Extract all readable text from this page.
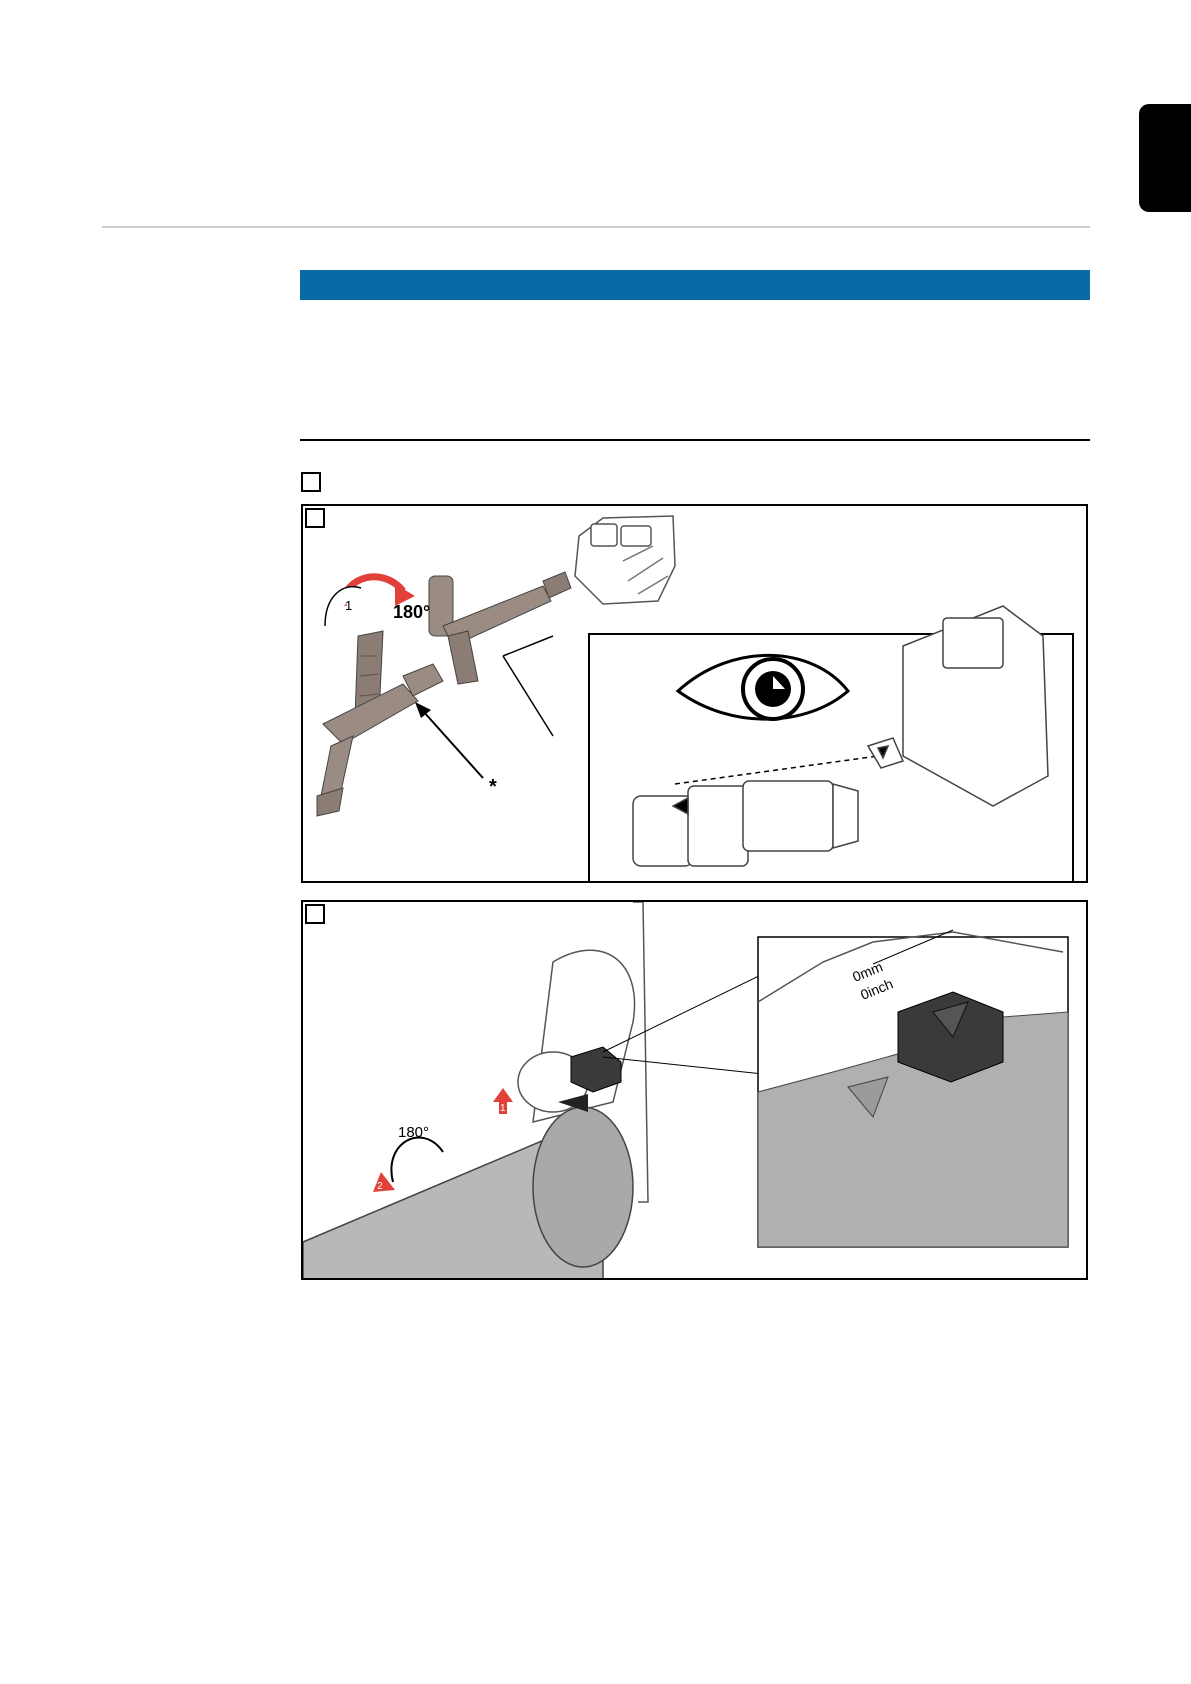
180°
1
*
180°
0mm
0inch
1
2
